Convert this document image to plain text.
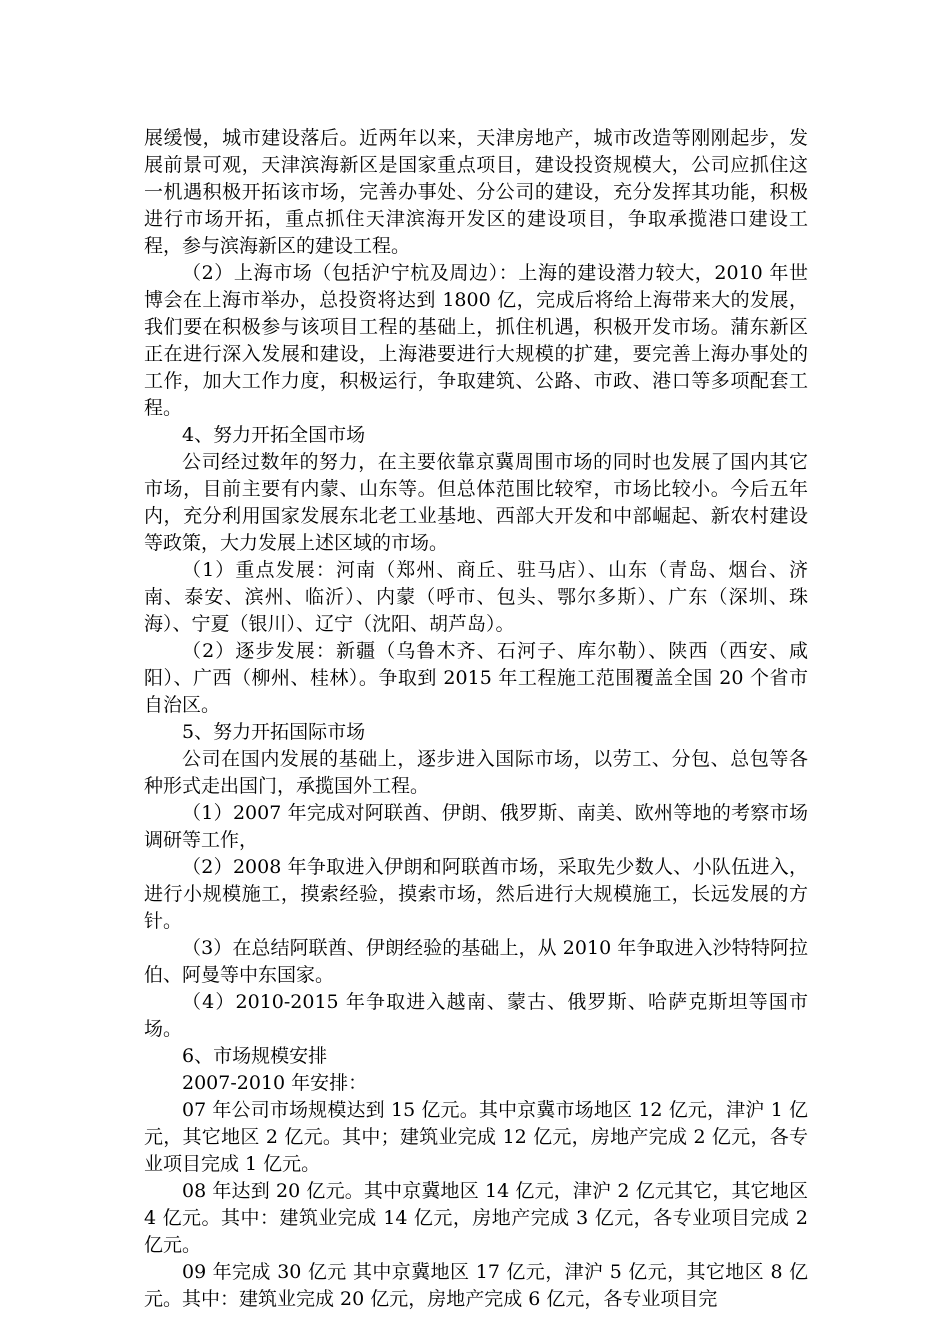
展缓慢，城市建设落后。近两年以来，天津房地产，城市改造等刚刚起步，发展前景可观，天津滨海新区是国家重点项目，建设投资规模大，公司应抓住这一机遇积极开拓该市场，完善办事处、分公司的建设，充分发挥其功能，积极进行市场开拓，重点抓住天津滨海开发区的建设项目，争取承揽港口建设工程，参与滨海新区的建设工程。

（2）上海市场（包括沪宁杭及周边）：上海的建设潜力较大，2010 年世博会在上海市举办，总投资将达到 1800 亿，完成后将给上海带来大的发展，我们要在积极参与该项目工程的基础上，抓住机遇，积极开发市场。蒲东新区正在进行深入发展和建设，上海港要进行大规模的扩建，要完善上海办事处的工作，加大工作力度，积极运行，争取建筑、公路、市政、港口等多项配套工程。

4、努力开拓全国市场

公司经过数年的努力，在主要依靠京冀周围市场的同时也发展了国内其它市场，目前主要有内蒙、山东等。但总体范围比较窄，市场比较小。今后五年内，充分利用国家发展东北老工业基地、西部大开发和中部崛起、新农村建设等政策，大力发展上述区域的市场。

（1）重点发展：河南（郑州、商丘、驻马店）、山东（青岛、烟台、济南、泰安、滨州、临沂）、内蒙（呼市、包头、鄂尔多斯）、广东（深圳、珠海）、宁夏（银川）、辽宁（沈阳、胡芦岛）。

（2）逐步发展：新疆（乌鲁木齐、石河子、库尔勒）、陕西（西安、咸阳）、广西（柳州、桂林）。争取到 2015 年工程施工范围覆盖全国 20 个省市自治区。

5、努力开拓国际市场

公司在国内发展的基础上，逐步进入国际市场，以劳工、分包、总包等各种形式走出国门，承揽国外工程。

（1）2007 年完成对阿联酋、伊朗、俄罗斯、南美、欧州等地的考察市场调研等工作，

（2）2008 年争取进入伊朗和阿联酋市场，采取先少数人、小队伍进入，进行小规模施工，摸索经验，摸索市场，然后进行大规模施工，长远发展的方针。

（3）在总结阿联酋、伊朗经验的基础上，从 2010 年争取进入沙特特阿拉伯、阿曼等中东国家。

（4）2010-2015 年争取进入越南、蒙古、俄罗斯、哈萨克斯坦等国市场。

6、市场规模安排

2007-2010 年安排：

07 年公司市场规模达到 15 亿元。其中京冀市场地区 12 亿元，津沪 1 亿元，其它地区 2 亿元。其中；建筑业完成 12 亿元，房地产完成 2 亿元，各专业项目完成 1 亿元。

08 年达到 20 亿元。其中京冀地区 14 亿元，津沪 2 亿元其它，其它地区 4 亿元。其中：建筑业完成 14 亿元，房地产完成 3 亿元，各专业项目完成 2 亿元。

09 年完成 30 亿元 其中京冀地区 17 亿元，津沪 5 亿元，其它地区 8 亿元。其中：建筑业完成 20 亿元，房地产完成 6 亿元，各专业项目完
